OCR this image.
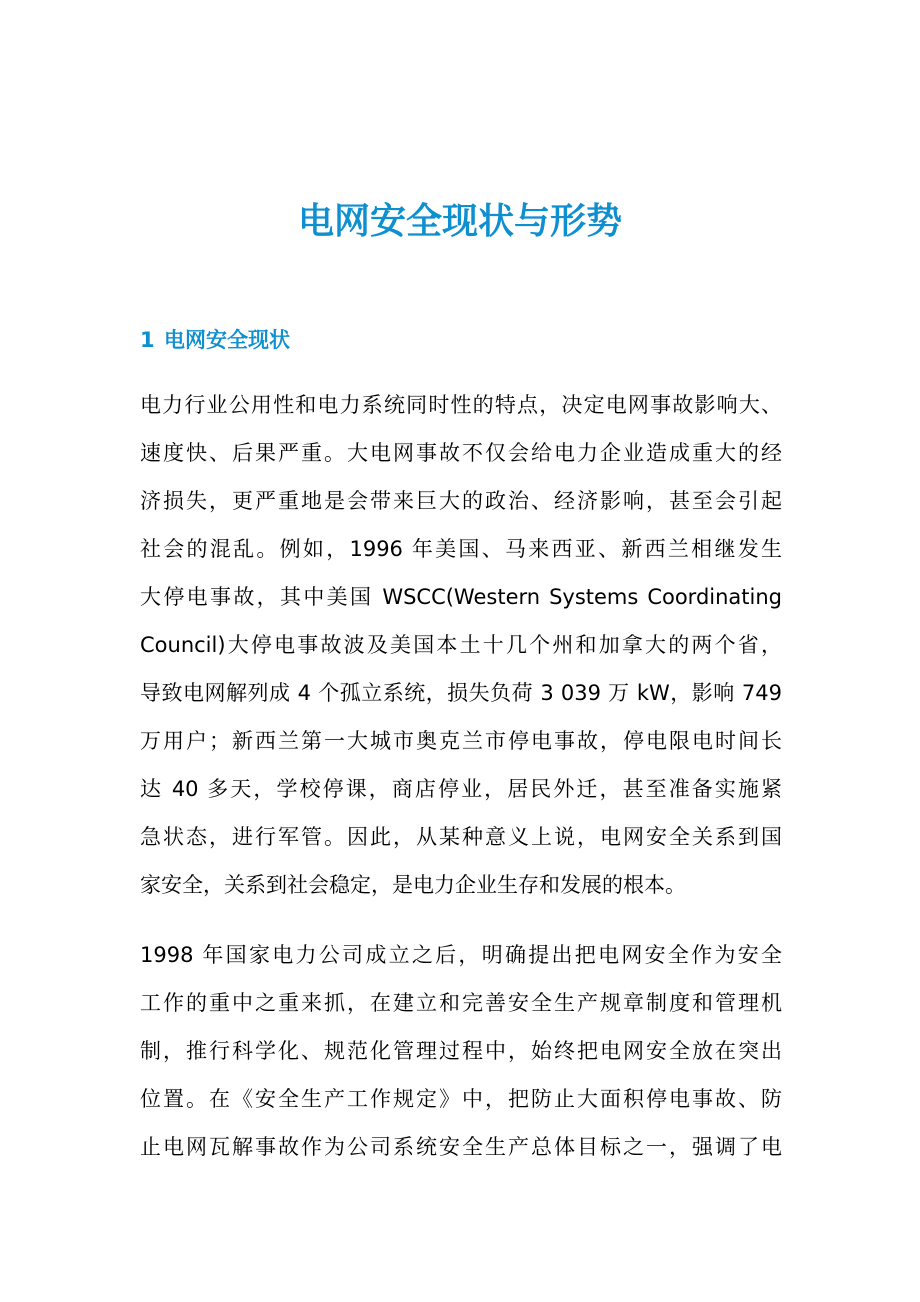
电网安全现状与形势
1 电网安全现状
电力行业公用性和电力系统同时性的特点，决定电网事故影响大、
速度快、后果严重。大电网事故不仅会给电力企业造成重大的经
济损失，更严重地是会带来巨大的政治、经济影响，甚至会引起
社会的混乱。例如，1996 年美国、马来西亚、新西兰相继发生
大停电事故，其中美国 WSCC(Western Systems Coordinating
Council)大停电事故波及美国本土十几个州和加拿大的两个省，
导致电网解列成 4 个孤立系统，损失负荷 3 039 万 kW，影响 749
万用户；新西兰第一大城市奥克兰市停电事故，停电限电时间长
达 40 多天，学校停课，商店停业，居民外迁，甚至准备实施紧
急状态，进行军管。因此，从某种意义上说，电网安全关系到国
家安全，关系到社会稳定，是电力企业生存和发展的根本。
1998 年国家电力公司成立之后，明确提出把电网安全作为安全
工作的重中之重来抓，在建立和完善安全生产规章制度和管理机
制，推行科学化、规范化管理过程中，始终把电网安全放在突出
位置。在《安全生产工作规定》中，把防止大面积停电事故、防
止电网瓦解事故作为公司系统安全生产总体目标之一，强调了电
